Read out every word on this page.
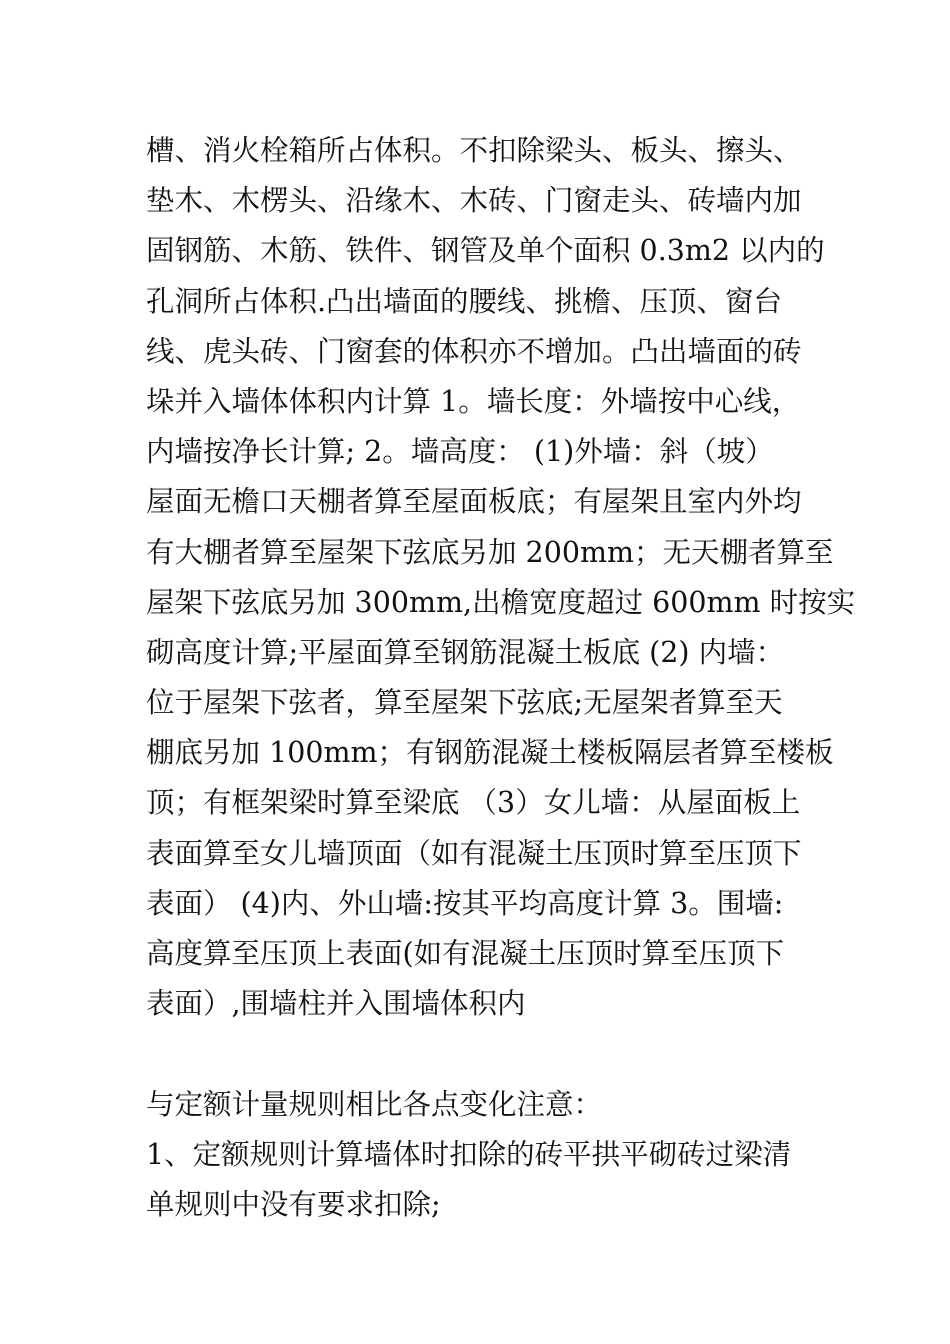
槽、消火栓箱所占体积。不扣除梁头、板头、擦头、
垫木、木楞头、沿缘木、木砖、门窗走头、砖墙内加
固钢筋、木筋、铁件、钢管及单个面积 0.3m2 以内的
孔洞所占体积.凸出墙面的腰线、挑檐、压顶、窗台
线、虎头砖、门窗套的体积亦不增加。凸出墙面的砖
垛并入墙体体积内计算 1。墙长度：外墙按中心线，
内墙按净长计算; 2。墙高度： (1)外墙：斜（坡）
屋面无檐口天棚者算至屋面板底；有屋架且室内外均
有大棚者算至屋架下弦底另加 200mm；无天棚者算至
屋架下弦底另加 300mm,出檐宽度超过 600mm 时按实
砌高度计算;平屋面算至钢筋混凝土板底 (2) 内墙：
位于屋架下弦者，算至屋架下弦底;无屋架者算至天
棚底另加 100mm；有钢筋混凝土楼板隔层者算至楼板
顶；有框架梁时算至梁底 （3）女儿墙：从屋面板上
表面算至女儿墙顶面（如有混凝土压顶时算至压顶下
表面） (4)内、外山墙:按其平均高度计算 3。围墙:
高度算至压顶上表面(如有混凝土压顶时算至压顶下
表面）,围墙柱并入围墙体积内
与定额计量规则相比各点变化注意：
1、定额规则计算墙体时扣除的砖平拱平砌砖过梁清
单规则中没有要求扣除;
